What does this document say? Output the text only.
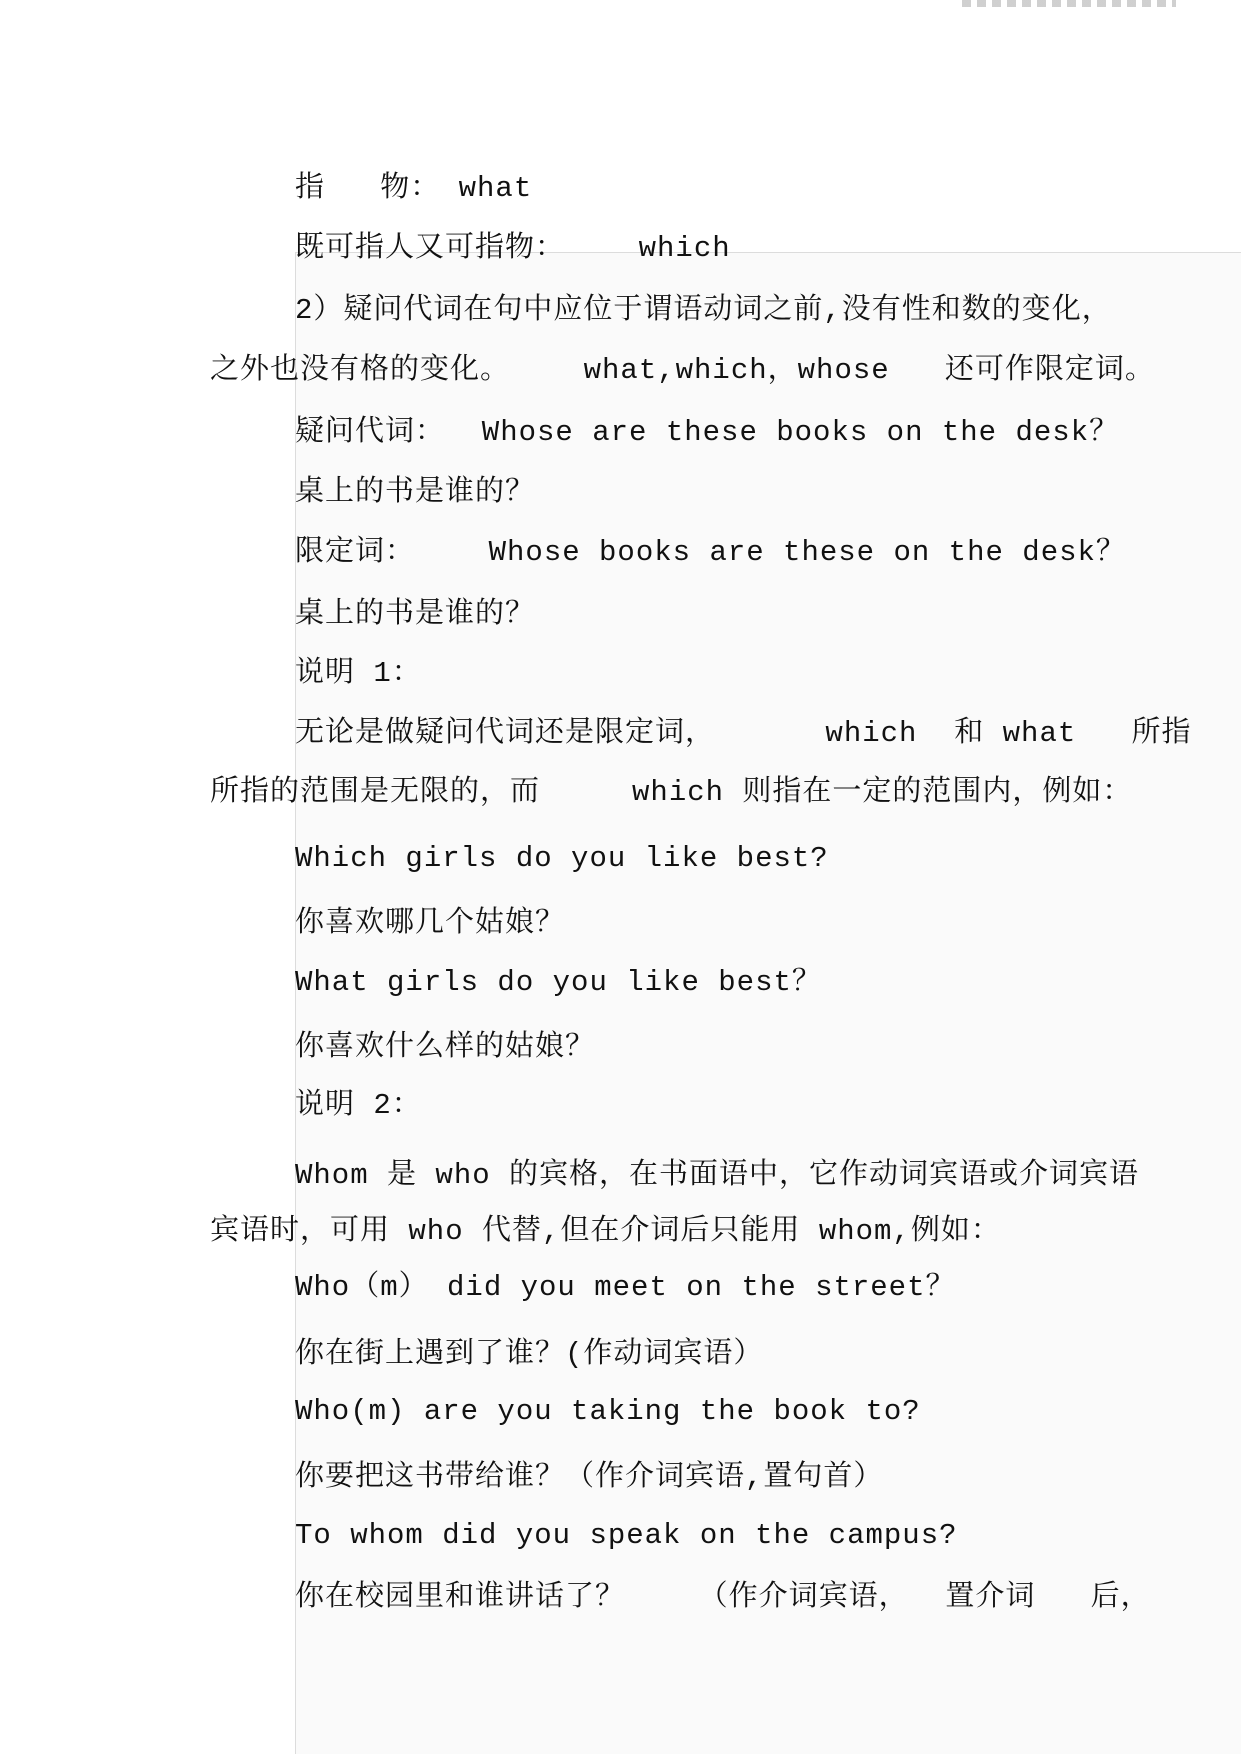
指   物： what
既可指人又可指物：    which
2）疑问代词在句中应位于谓语动词之前,没有性和数的变化，
之外也没有格的变化。    what,which，whose   还可作限定词。
疑问代词：  Whose are these books on the desk？
桌上的书是谁的？
限定词：    Whose books are these on the desk？
桌上的书是谁的？
说明 1：
无论是做疑问代词还是限定词，      which  和 what   所指
所指的范围是无限的，而     which 则指在一定的范围内，例如：
Which girls do you like best?
你喜欢哪几个姑娘？
What girls do you like best？
你喜欢什么样的姑娘？
说明 2：
Whom 是 who 的宾格，在书面语中，它作动词宾语或介词宾语
宾语时，可用 who 代替,但在介词后只能用 whom,例如：
Who（m） did you meet on the street？
你在街上遇到了谁？(作动词宾语）
Who(m) are you taking the book to?
你要把这书带给谁？（作介词宾语,置句首）
To whom did you speak on the campus?
你在校园里和谁讲话了？    （作介词宾语，  置介词   后，
